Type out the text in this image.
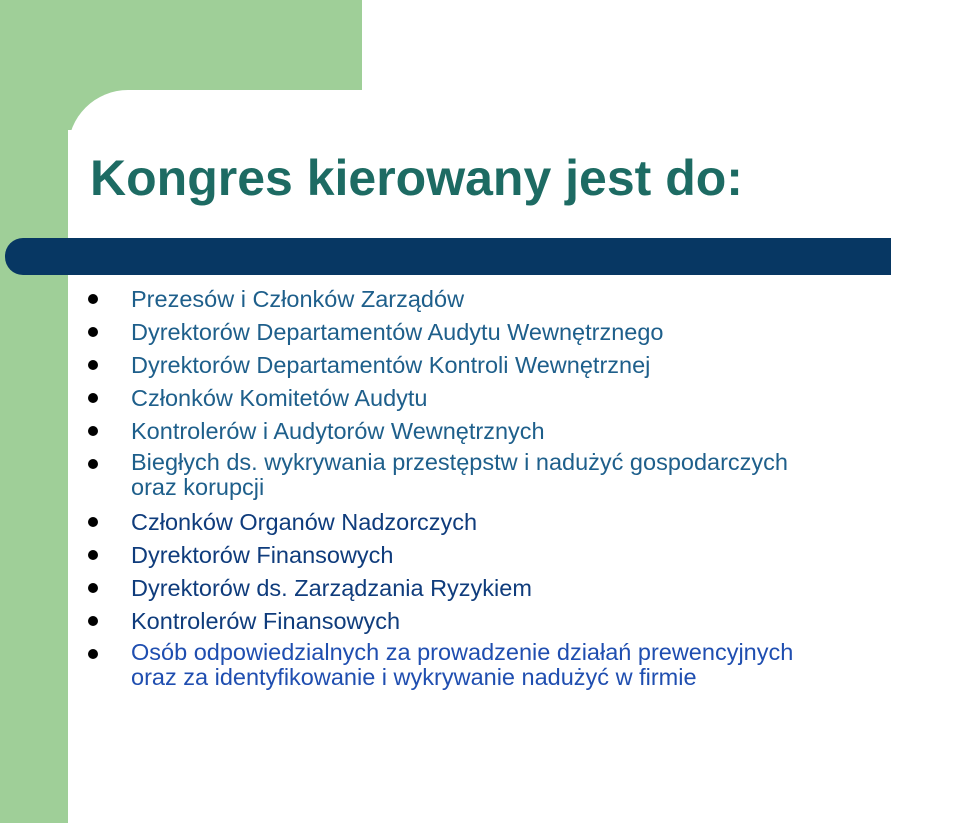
Kongres kierowany jest do:
Prezesów i Członków Zarządów
Dyrektorów Departamentów Audytu Wewnętrznego
Dyrektorów Departamentów Kontroli Wewnętrznej
Członków Komitetów Audytu
Kontrolerów i Audytorów Wewnętrznych
Biegłych ds. wykrywania przestępstw i nadużyć gospodarczych
oraz korupcji
Członków Organów Nadzorczych
Dyrektorów Finansowych
Dyrektorów ds. Zarządzania Ryzykiem
Kontrolerów Finansowych
Osób odpowiedzialnych za prowadzenie działań prewencyjnych
oraz za identyfikowanie i wykrywanie nadużyć w firmie
